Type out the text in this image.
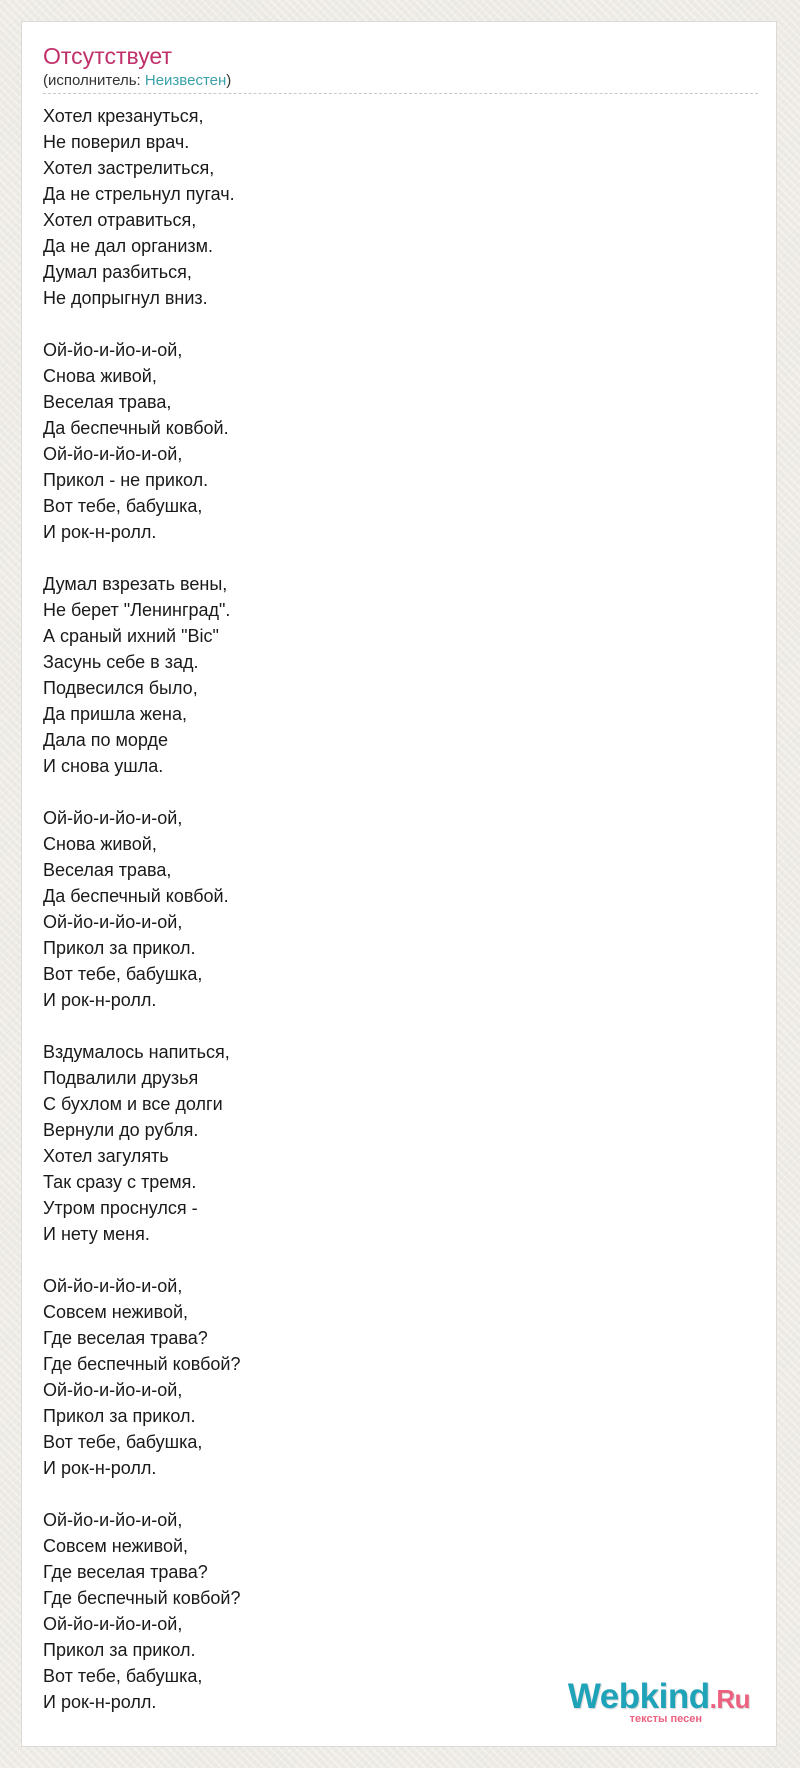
Отсутствует
(исполнитель: Неизвестен)
Хотел крезануться,
Не поверил врач.
Хотел застрелиться,
Да не стрельнул пугач.
Хотел отравиться,
Да не дал организм.
Думал разбиться,
Не допрыгнул вниз.

Ой-йо-и-йо-и-ой,
Снова живой,
Веселая трава,
Да беспечный ковбой.
Ой-йо-и-йо-и-ой,
Прикол - не прикол.
Вот тебе, бабушка,
И рок-н-ролл.

Думал взрезать вены,
Не берет "Ленинград".
А сраный ихний "Bic"
Засунь себе в зад.
Подвесился было,
Да пришла жена,
Дала по морде
И снова ушла.

Ой-йо-и-йо-и-ой,
Снова живой,
Веселая трава,
Да беспечный ковбой.
Ой-йо-и-йо-и-ой,
Прикол за прикол.
Вот тебе, бабушка,
И рок-н-ролл.

Вздумалось напиться,
Подвалили друзья
С бухлом и все долги
Вернули до рубля.
Хотел загулять
Так сразу с тремя.
Утром проснулся -
И нету меня.

Ой-йо-и-йо-и-ой,
Совсем неживой,
Где веселая трава?
Где беспечный ковбой?
Ой-йо-и-йо-и-ой,
Прикол за прикол.
Вот тебе, бабушка,
И рок-н-ролл.

Ой-йо-и-йо-и-ой,
Совсем неживой,
Где веселая трава?
Где беспечный ковбой?
Ой-йо-и-йо-и-ой,
Прикол за прикол.
Вот тебе, бабушка,
И рок-н-ролл.	Webkind.Ru
тексты песен
